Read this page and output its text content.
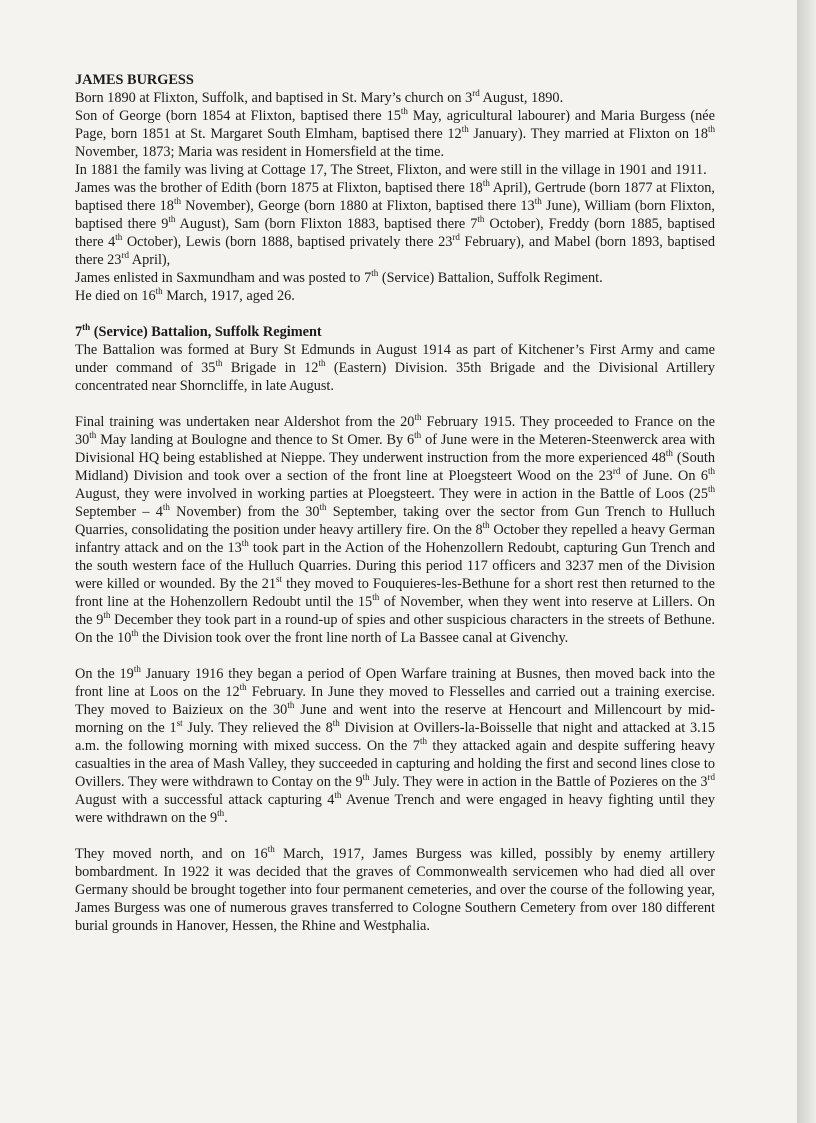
JAMES BURGESS

Born 1890 at Flixton, Suffolk, and baptised in St. Mary’s church on 3rd August, 1890.

Son of George (born 1854 at Flixton, baptised there 15th May, agricultural labourer) and Maria Burgess (née Page, born 1851 at St. Margaret South Elmham, baptised there 12th January). They married at Flixton on 18th November, 1873; Maria was resident in Homersfield at the time.

In 1881 the family was living at Cottage 17, The Street, Flixton, and were still in the village in 1901 and 1911.

James was the brother of Edith (born 1875 at Flixton, baptised there 18th April), Gertrude (born 1877 at Flixton, baptised there 18th November), George (born 1880 at Flixton, baptised there 13th June), William (born Flixton, baptised there 9th August), Sam (born Flixton 1883, baptised there 7th October), Freddy (born 1885, baptised there 4th October), Lewis (born 1888, baptised privately there 23rd February), and Mabel (born 1893, baptised there 23rd April),

James enlisted in Saxmundham and was posted to 7th (Service) Battalion, Suffolk Regiment.

He died on 16th March, 1917, aged 26.

7th (Service) Battalion, Suffolk Regiment

The Battalion was formed at Bury St Edmunds in August 1914 as part of Kitchener’s First Army and came under command of 35th Brigade in 12th (Eastern) Division. 35th Brigade and the Divisional Artillery concentrated near Shorncliffe, in late August.

Final training was undertaken near Aldershot from the 20th February 1915. They proceeded to France on the 30th May landing at Boulogne and thence to St Omer. By 6th of June were in the Meteren-Steenwerck area with Divisional HQ being established at Nieppe. They underwent instruction from the more experienced 48th (South Midland) Division and took over a section of the front line at Ploegsteert Wood on the 23rd of June. On 6th August, they were involved in working parties at Ploegsteert. They were in action in the Battle of Loos (25th September – 4th November) from the 30th September, taking over the sector from Gun Trench to Hulluch Quarries, consolidating the position under heavy artillery fire. On the 8th October they repelled a heavy German infantry attack and on the 13th took part in the Action of the Hohenzollern Redoubt, capturing Gun Trench and the south western face of the Hulluch Quarries. During this period 117 officers and 3237 men of the Division were killed or wounded. By the 21st they moved to Fouquieres-les-Bethune for a short rest then returned to the front line at the Hohenzollern Redoubt until the 15th of November, when they went into reserve at Lillers. On the 9th December they took part in a round-up of spies and other suspicious characters in the streets of Bethune. On the 10th the Division took over the front line north of La Bassee canal at Givenchy.

On the 19th January 1916 they began a period of Open Warfare training at Busnes, then moved back into the front line at Loos on the 12th February. In June they moved to Flesselles and carried out a training exercise. They moved to Baizieux on the 30th June and went into the reserve at Hencourt and Millencourt by mid-morning on the 1st July. They relieved the 8th Division at Ovillers-la-Boisselle that night and attacked at 3.15 a.m. the following morning with mixed success. On the 7th they attacked again and despite suffering heavy casualties in the area of Mash Valley, they succeeded in capturing and holding the first and second lines close to Ovillers. They were withdrawn to Contay on the 9th July. They were in action in the Battle of Pozieres on the 3rd August with a successful attack capturing 4th Avenue Trench and were engaged in heavy fighting until they were withdrawn on the 9th.

They moved north, and on 16th March, 1917, James Burgess was killed, possibly by enemy artillery bombardment. In 1922 it was decided that the graves of Commonwealth servicemen who had died all over Germany should be brought together into four permanent cemeteries, and over the course of the following year, James Burgess was one of numerous graves transferred to Cologne Southern Cemetery from over 180 different burial grounds in Hanover, Hessen, the Rhine and Westphalia.
